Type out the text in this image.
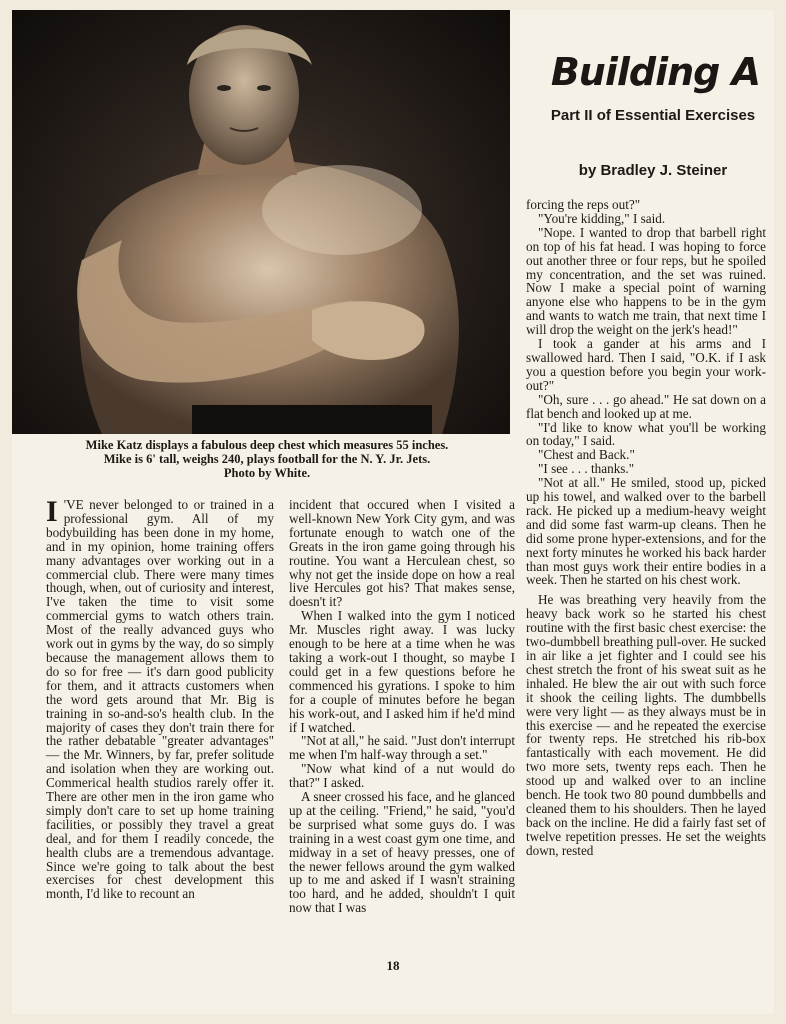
Mike Katz displays a fabulous deep chest which measures 55 inches.
Mike is 6' tall, weighs 240, plays football for the N. Y. Jr. Jets.
Photo by White.
Building A
Part II of Essential Exercises
by Bradley J. Steiner

I 'VE never belonged to or trained in a professional gym. All of my bodybuilding has been done in my home, and in my opinion, home training offers many advantages over working out in a commercial club. There were many times though, when, out of curiosity and interest, I've taken the time to visit some commercial gyms to watch others train. Most of the really advanced guys who work out in gyms by the way, do so simply because the management allows them to do so for free — it's darn good publicity for them, and it attracts customers when the word gets around that Mr. Big is training in so-and-so's health club. In the majority of cases they don't train there for the rather debatable "greater advantages" — the Mr. Winners, by far, prefer solitude and isolation when they are working out. Commerical health studios rarely offer it. There are other men in the iron game who simply don't care to set up home training facilities, or possibly they travel a great deal, and for them I readily concede, the health clubs are a tremendous advantage. Since we're going to talk about the best exercises for chest development this month, I'd like to recount an

incident that occured when I visited a well-known New York City gym, and was fortunate enough to watch one of the Greats in the iron game going through his routine. You want a Herculean chest, so why not get the inside dope on how a real live Hercules got his? That makes sense, doesn't it?

When I walked into the gym I noticed Mr. Muscles right away. I was lucky enough to be here at a time when he was taking a work-out I thought, so maybe I could get in a few questions before he commenced his gyrations. I spoke to him for a couple of minutes before he began his work-out, and I asked him if he'd mind if I watched.

"Not at all," he said. "Just don't interrupt me when I'm half-way through a set."

"Now what kind of a nut would do that?" I asked.

A sneer crossed his face, and he glanced up at the ceiling. "Friend," he said, "you'd be surprised what some guys do. I was training in a west coast gym one time, and midway in a set of heavy presses, one of the newer fellows around the gym walked up to me and asked if I wasn't straining too hard, and he added, shouldn't I quit now that I was

forcing the reps out?"

"You're kidding," I said.

"Nope. I wanted to drop that barbell right on top of his fat head. I was hoping to force out another three or four reps, but he spoiled my concentration, and the set was ruined. Now I make a special point of warning anyone else who happens to be in the gym and wants to watch me train, that next time I will drop the weight on the jerk's head!"

I took a gander at his arms and I swallowed hard. Then I said, "O.K. if I ask you a question before you begin your work-out?"

"Oh, sure . . . go ahead." He sat down on a flat bench and looked up at me.

"I'd like to know what you'll be working on today," I said.

"Chest and Back."

"I see . . . thanks."

"Not at all." He smiled, stood up, picked up his towel, and walked over to the barbell rack. He picked up a medium-heavy weight and did some fast warm-up cleans. Then he did some prone hyper-extensions, and for the next forty minutes he worked his back harder than most guys work their entire bodies in a week. Then he started on his chest work.

He was breathing very heavily from the heavy back work so he started his chest routine with the first basic chest exercise: the two-dumbbell breathing pull-over. He sucked in air like a jet fighter and I could see his chest stretch the front of his sweat suit as he inhaled. He blew the air out with such force it shook the ceiling lights. The dumbbells were very light — as they always must be in this exercise — and he repeated the exercise for twenty reps. He stretched his rib-box fantastically with each movement. He did two more sets, twenty reps each. Then he stood up and walked over to an incline bench. He took two 80 pound dumbbells and cleaned them to his shoulders. Then he layed back on the incline. He did a fairly fast set of twelve repetition presses. He set the weights down, rested

18
